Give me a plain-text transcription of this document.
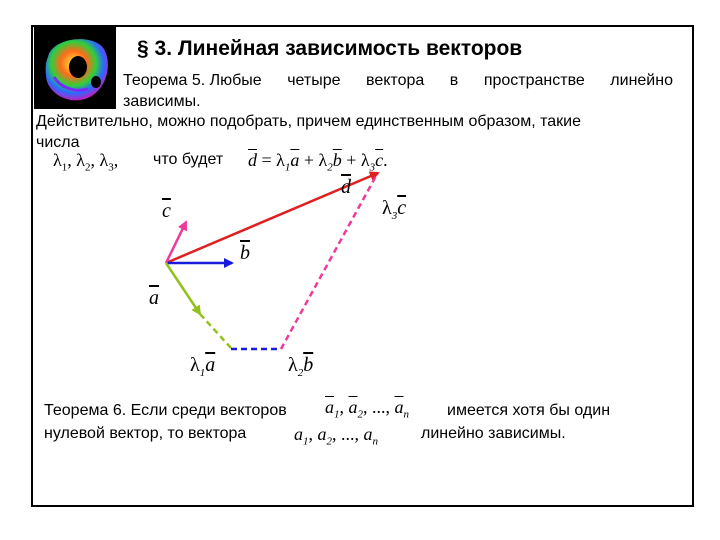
§ 3. Линейная зависимость векторов
Теорема 5. Любые четыре вектора в пространстве линейно
зависимы.
Действительно, можно подобрать, причем единственным образом, такие
числа
$\lambda_1$, $\lambda_2$, $\lambda_3$, что будет $\overline{d} = \lambda_1\overline{a} + \lambda_2\overline{b} + \lambda_3\overline{c}$.
$\overline{c}$
$\overline{b}$
$\overline{a}$
$\overline{d}$
$\lambda_3\overline{c}$
$\lambda_1\overline{a}$	$\lambda_2\overline{b}$
Теорема 6. Если среди векторов $\overline{a}_1$, $\overline{a}_2$, ..., $\overline{a}_n$ имеется хотя бы один
нулевой вектор, то вектора	$a_1$, $a_2$, ..., $a_n$	линейно зависимы.
